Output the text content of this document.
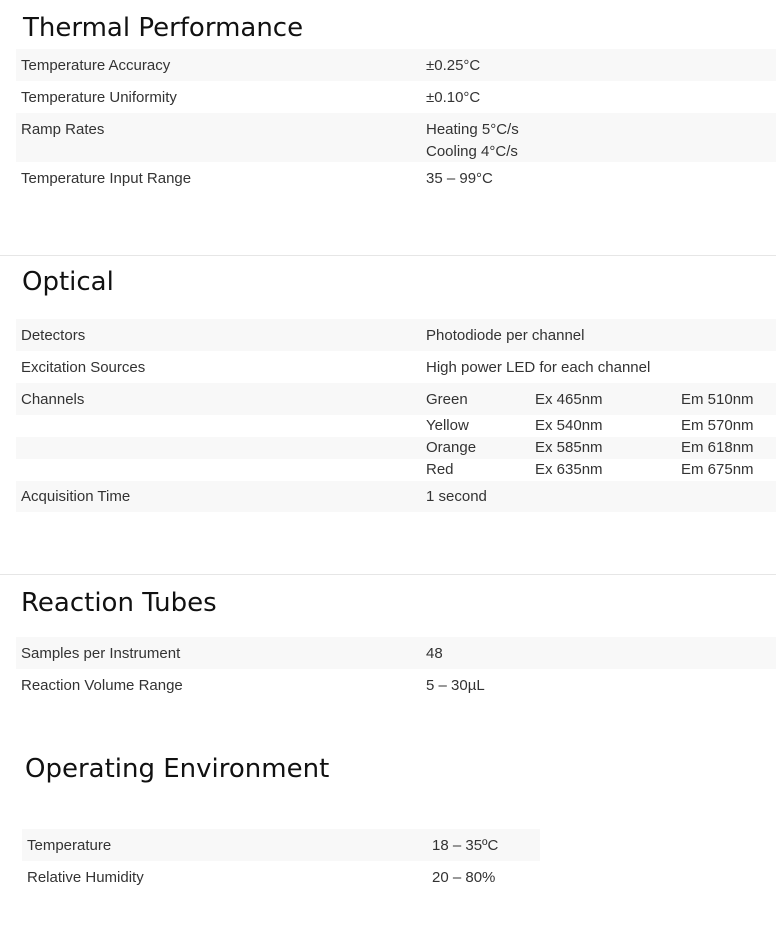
Thermal Performance
Temperature Accuracy	±0.25°C
Temperature Uniformity	±0.10°C
Ramp Rates	Heating 5°C/s
Cooling 4°C/s
Temperature Input Range	35 – 99°C
Optical
Detectors	Photodiode per channel
Excitation Sources	High power LED for each channel
Channels	Green	Ex 465nm	Em 510nm
Yellow	Ex 540nm	Em 570nm
Orange	Ex 585nm	Em 618nm
Red	Ex 635nm	Em 675nm
Acquisition Time	1 second
Reaction Tubes
Samples per Instrument	48
Reaction Volume Range	5 – 30µL
Operating Environment
Temperature	18 – 35ºC
Relative Humidity	20 – 80%
